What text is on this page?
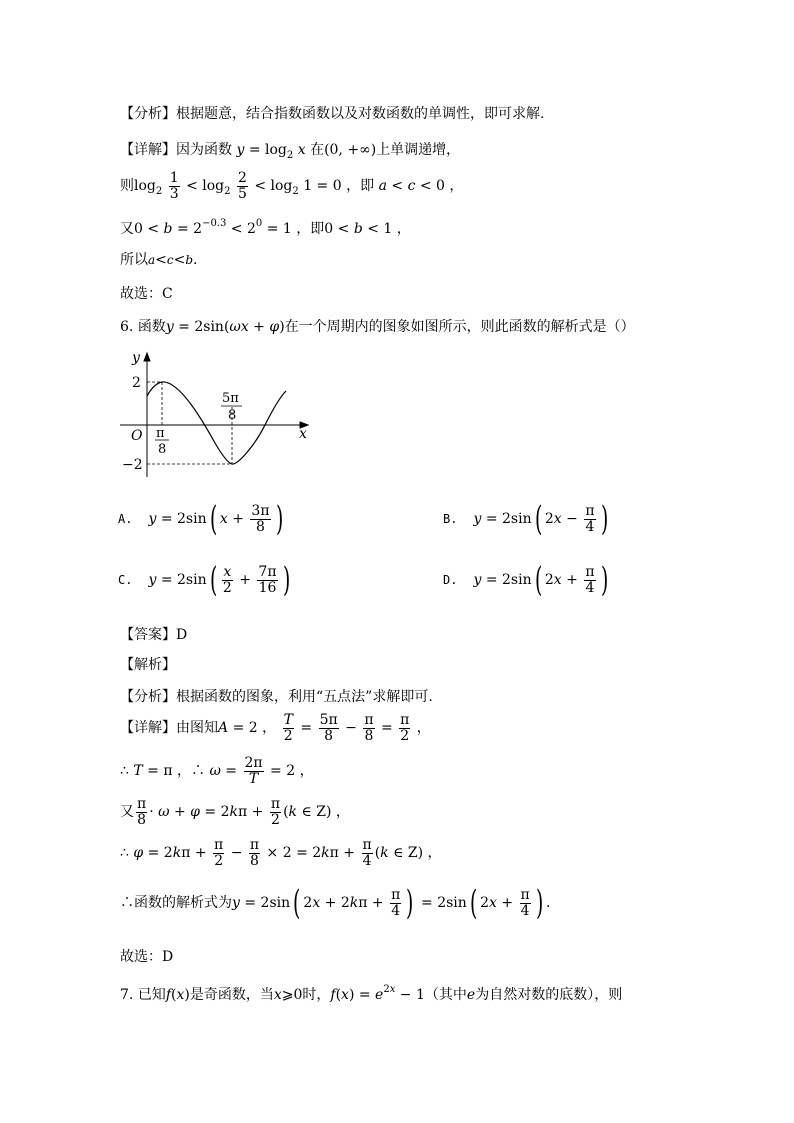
【分析】根据题意，结合指数函数以及对数函数的单调性，即可求解.
【详解】因为函数 $y = \log_2 x$ 在(0, +∞)上单调递增，
则$\log_2 \frac{1}{3} < \log_2 \frac{2}{5} < \log_2 1 = 0$ ，即 a < c < 0 ，
又$0 < b = 2^{-0.3} < 2^0 = 1$ ，即0 < b < 1 ，
所以a<c<b.
故选：C
6. 函数y = 2sin(ωx + φ)在一个周期内的图象如图所示，则此函数的解析式是（）
y
x
O
2
−2
π
8
5π
8
A. y = 2sin( $x + \frac{3\pi}{8}$ )	B. y = 2sin( $2x - \frac{\pi}{4}$ )
C. $y = 2\sin( \frac{x}{2} + \frac{7\pi}{16}$ )	D. y = 2sin( $2x + \frac{\pi}{4}$ )
【答案】D
【解析】
【分析】根据函数的图象，利用“五点法”求解即可.
【详解】由图知A = 2 ， $\frac{T}{2} = \frac{5\pi}{8} - \frac{\pi}{8} = \frac{\pi}{2}$ ，
∴ T = π ，∴ $\omega = \frac{2\pi}{T} = 2$ ，
又 $\frac{\pi}{8} \cdot \omega + \varphi = 2k\pi + \frac{\pi}{2} (k$ ∈ Z) ，
∴ $\varphi = 2k\pi + \frac{\pi}{2} - \frac{\pi}{8} \times 2 = 2k\pi + \frac{\pi}{4} (k$ ∈ Z) ，
∴函数的解析式为y = 2sin( $2x + 2k\pi + \frac{\pi}{4}$ ) = 2sin( $2x + \frac{\pi}{4}$ ) .
故选：D
7. 已知f(x)是奇函数，当x⩾0时，$f(x) = e^{2x} - 1$（其中e为自然对数的底数），则
